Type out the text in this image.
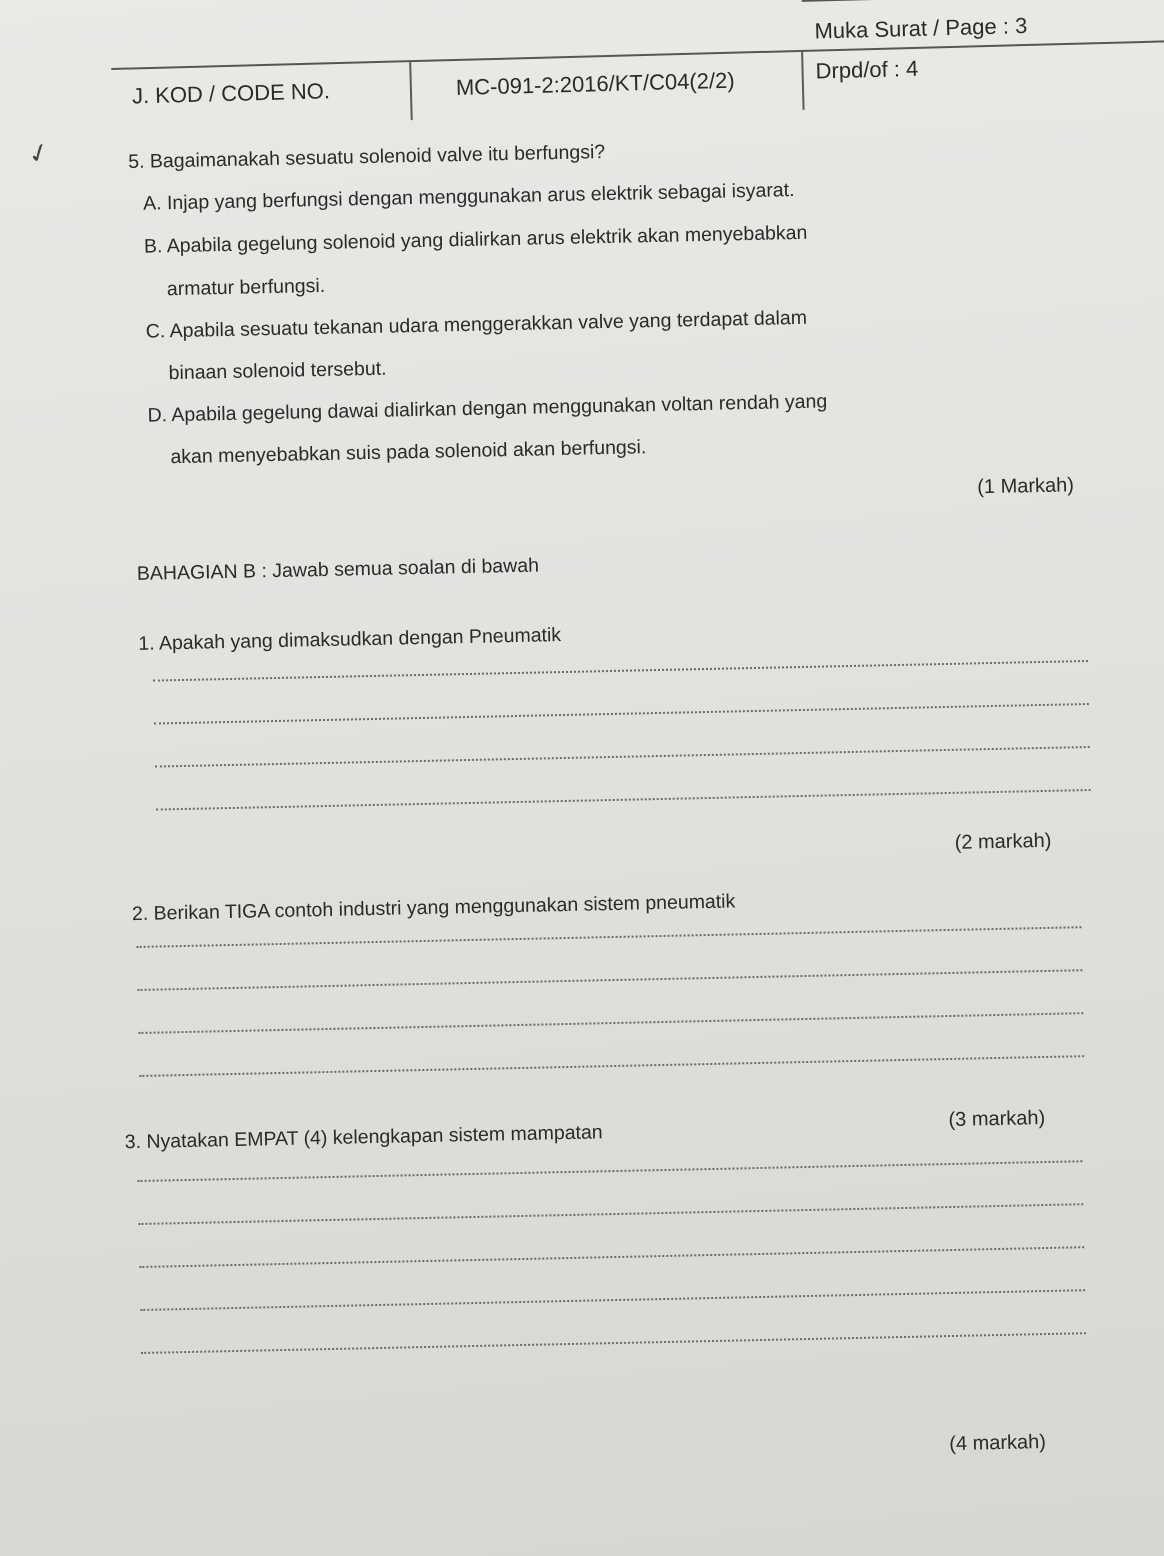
J. KOD / CODE NO.	MC-091-2:2016/KT/C04(2/2)
Muka Surat / Page : 3
Drpd/of : 4
✓	5. Bagaimanakah sesuatu solenoid valve itu berfungsi?
A. Injap yang berfungsi dengan menggunakan arus elektrik sebagai isyarat.
B. Apabila gegelung solenoid yang dialirkan arus elektrik akan menyebabkan
armatur berfungsi.
C. Apabila sesuatu tekanan udara menggerakkan valve yang terdapat dalam
binaan solenoid tersebut.
D. Apabila gegelung dawai dialirkan dengan menggunakan voltan rendah yang
akan menyebabkan suis pada solenoid akan berfungsi.
(1 Markah)
BAHAGIAN B : Jawab semua soalan di bawah
1. Apakah yang dimaksudkan dengan Pneumatik
(2 markah)
2. Berikan TIGA contoh industri yang menggunakan sistem pneumatik
(3 markah)
3. Nyatakan EMPAT (4) kelengkapan sistem mampatan
(4 markah)
